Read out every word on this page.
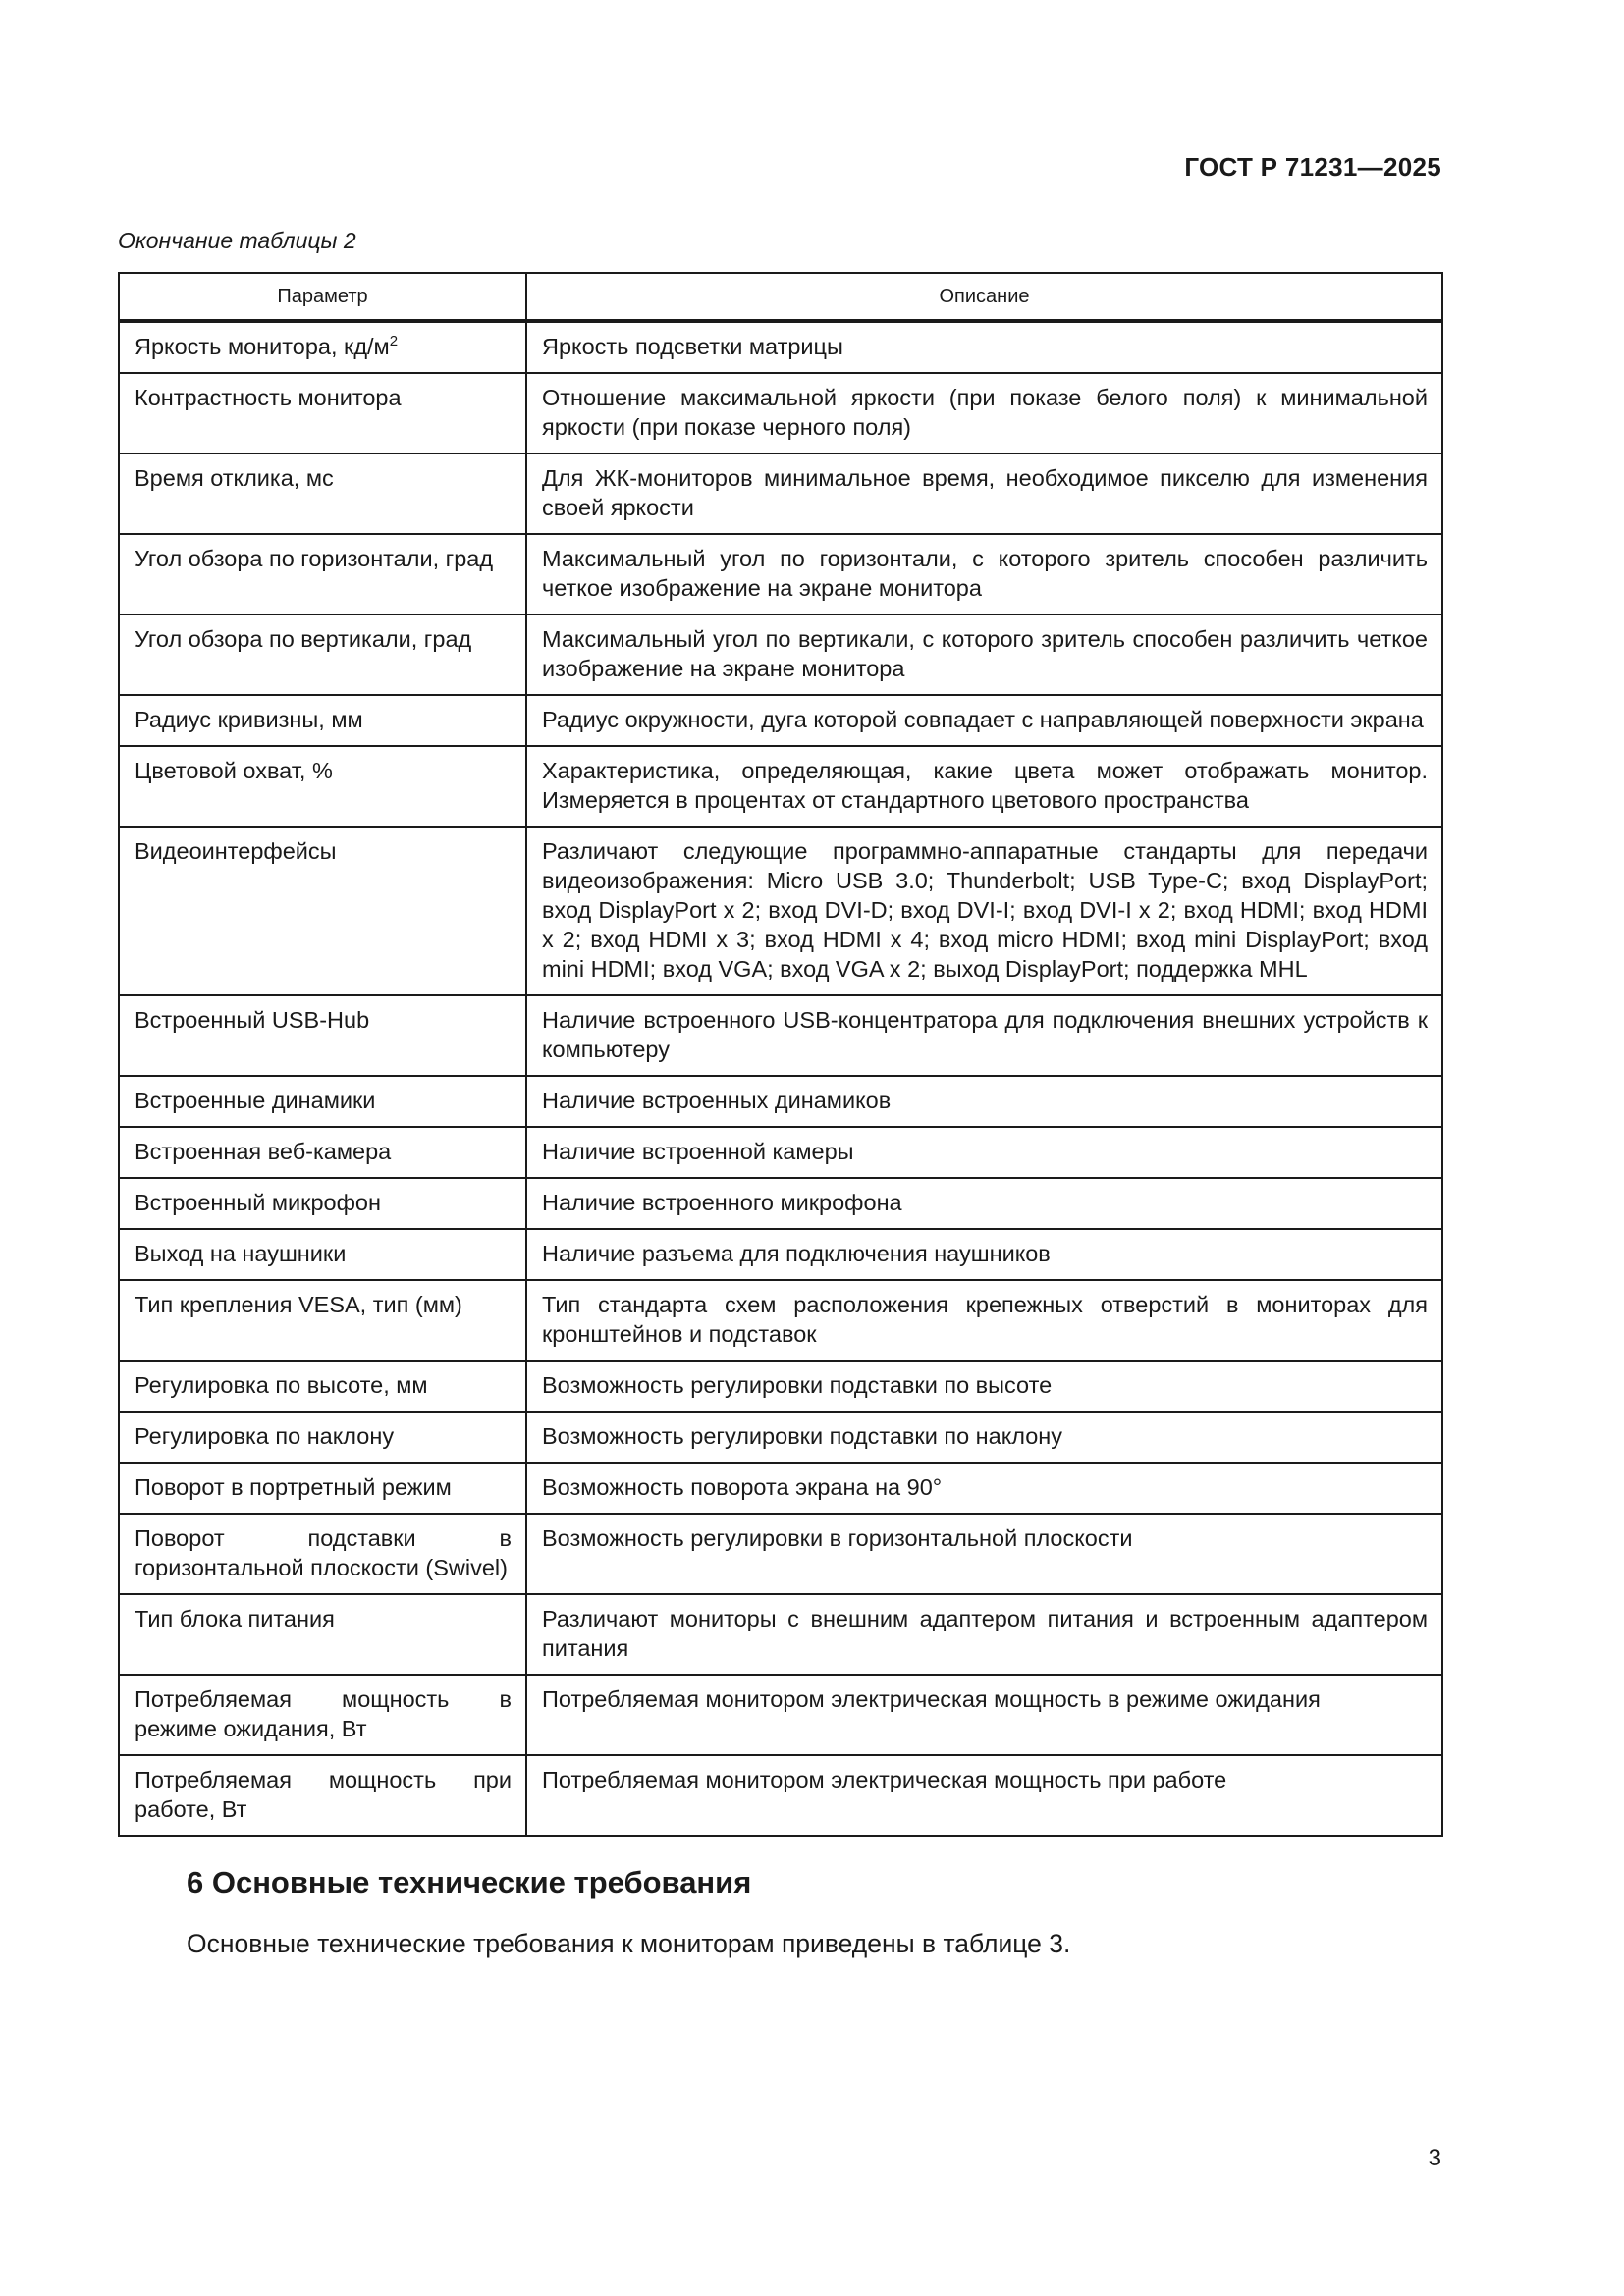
ГОСТ Р 71231—2025
Окончание таблицы 2
Параметр	Описание
Яркость монитора, $кд/м^2$	Яркость подсветки матрицы
Контрастность монитора	Отношение максимальной яркости (при показе белого поля) к минимальной яркости (при показе черного поля)
Время отклика, мс	Для ЖК-мониторов минимальное время, необходимое пикселю для изменения своей яркости
Угол обзора по горизонтали, град	Максимальный угол по горизонтали, с которого зритель способен различить четкое изображение на экране монитора
Угол обзора по вертикали, град	Максимальный угол по вертикали, с которого зритель способен различить четкое изображение на экране монитора
Радиус кривизны, мм	Радиус окружности, дуга которой совпадает с направляющей поверхности экрана
Цветовой охват, %	Характеристика, определяющая, какие цвета может отображать монитор. Измеряется в процентах от стандартного цветового пространства
Видеоинтерфейсы	Различают следующие программно-аппаратные стандарты для передачи видеоизображения: Micro USB 3.0; Thunderbolt; USB Type-C; вход DisplayPort; вход DisplayPort x 2; вход DVI-D; вход DVI-I; вход DVI-I x 2; вход HDMI; вход HDMI x 2; вход HDMI x 3; вход HDMI x 4; вход micro HDMI; вход mini DisplayPort; вход mini HDMI; вход VGA; вход VGA x 2; выход DisplayPort; поддержка MHL
Встроенный USB-Hub	Наличие встроенного USB-концентратора для подключения внешних устройств к компьютеру
Встроенные динамики	Наличие встроенных динамиков
Встроенная веб-камера	Наличие встроенной камеры
Встроенный микрофон	Наличие встроенного микрофона
Выход на наушники	Наличие разъема для подключения наушников
Тип крепления VESA, тип (мм)	Тип стандарта схем расположения крепежных отверстий в мониторах для кронштейнов и подставок
Регулировка по высоте, мм	Возможность регулировки подставки по высоте
Регулировка по наклону	Возможность регулировки подставки по наклону
Поворот в портретный режим	Возможность поворота экрана на 90°
Поворот подставки в горизонтальной плоскости (Swivel)	Возможность регулировки в горизонтальной плоскости
Тип блока питания	Различают мониторы с внешним адаптером питания и встроенным адаптером питания
Потребляемая мощность в режиме ожидания, Вт	Потребляемая монитором электрическая мощность в режиме ожидания
Потребляемая мощность при работе, Вт	Потребляемая монитором электрическая мощность при работе
6 Основные технические требования

Основные технические требования к мониторам приведены в таблице 3.

3
